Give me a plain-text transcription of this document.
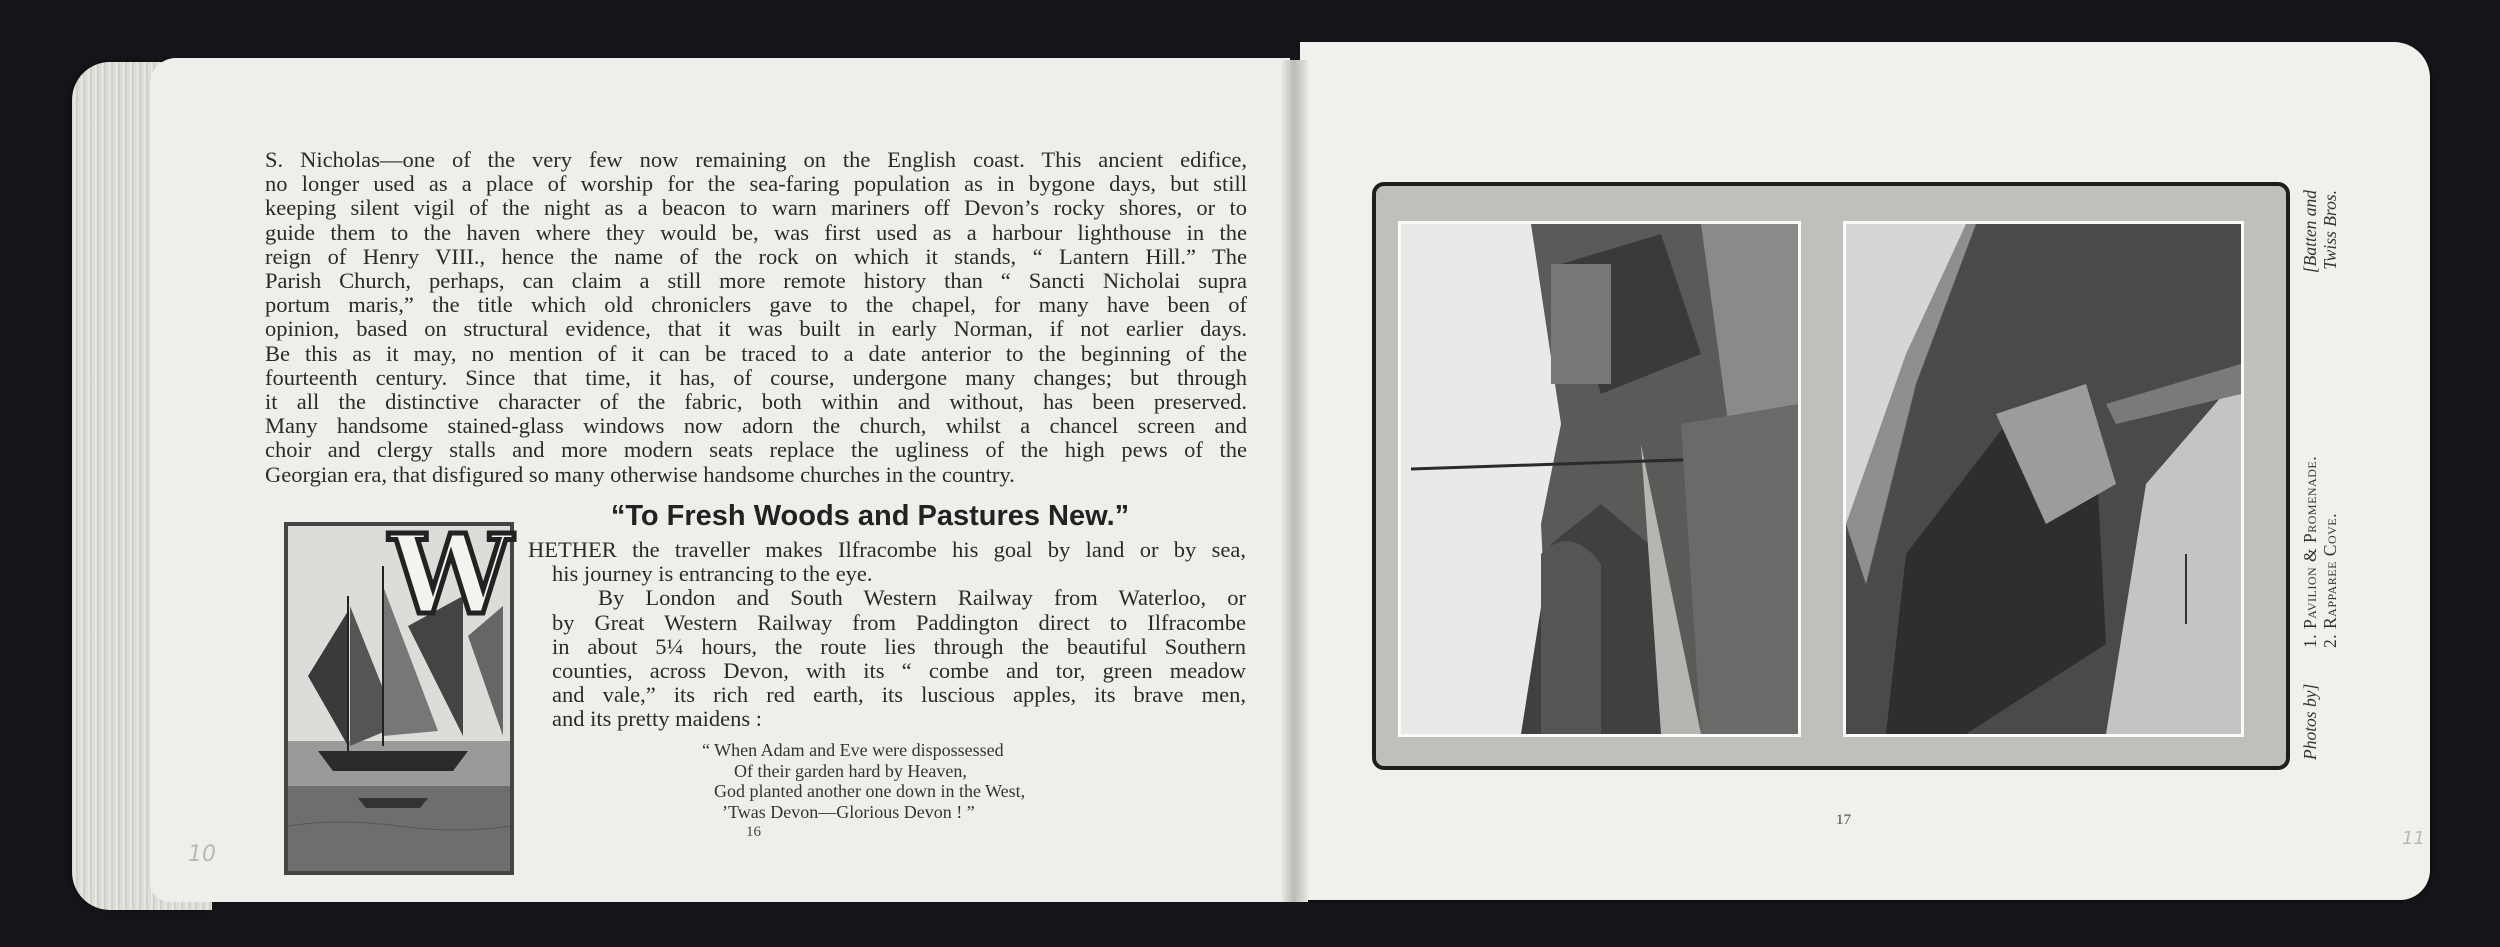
S. Nicholas—one of the very few now remaining on the English coast. This ancient edifice,
no longer used as a place of worship for the sea-faring population as in bygone days, but still
keeping silent vigil of the night as a beacon to warn mariners off Devon’s rocky shores, or to
guide them to the haven where they would be, was first used as a harbour lighthouse in the
reign of Henry VIII., hence the name of the rock on which it stands, “ Lantern Hill.” The
Parish Church, perhaps, can claim a still more remote history than “ Sancti Nicholai supra
portum maris,” the title which old chroniclers gave to the chapel, for many have been of
opinion, based on structural evidence, that it was built in early Norman, if not earlier days.
Be this as it may, no mention of it can be traced to a date anterior to the beginning of the
fourteenth century. Since that time, it has, of course, undergone many changes; but through
it all the distinctive character of the fabric, both within and without, has been preserved.
Many handsome stained-glass windows now adorn the church, whilst a chancel screen and
choir and clergy stalls and more modern seats replace the ugliness of the high pews of the
Georgian era, that disfigured so many otherwise handsome churches in the country.
“To Fresh Woods and Pastures New.”
W HETHER the traveller makes Ilfracombe his goal by land or by sea,
his journey is entrancing to the eye.
By London and South Western Railway from Waterloo, or
by Great Western Railway from Paddington direct to Ilfracombe
in about 5¼ hours, the route lies through the beautiful Southern
counties, across Devon, with its “ combe and tor, green meadow
and vale,” its rich red earth, its luscious apples, its brave men,
and its pretty maidens :
“ When Adam and Eve were dispossessed
Of their garden hard by Heaven,
God planted another one down in the West,
’Twas Devon—Glorious Devon ! ”
16
10
Photos by]
1. Pavilion & Promenade.
[Batten and
2. Rapparee Cove.
Twiss Bros.
17
11
